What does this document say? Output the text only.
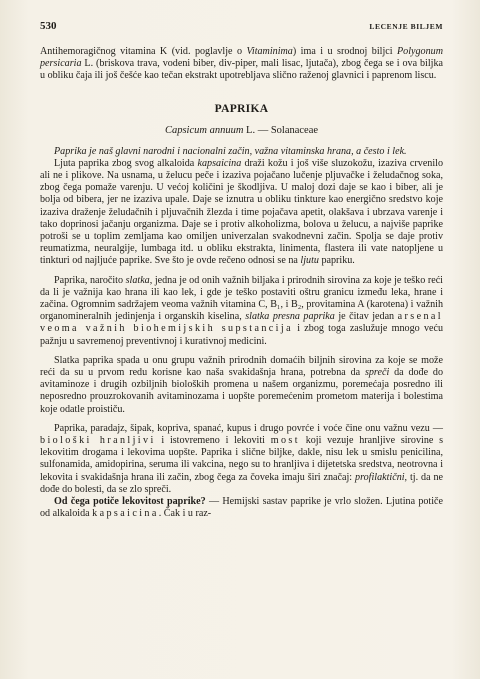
530	LECENJE BILJEM

Antihemoragičnog vitamina K (vid. poglavlje o Vitaminima) ima i u srodnoj biljci Polygonum persicaria L. (briskova trava, vodeni biber, div-piper, mali lisac, ljutača), zbog čega se i ova biljka u obliku čaja ili još češće kao tečan ekstrakt upotrebljava slično raženoj glavnici i paprenom liscu.

PAPRIKA
Capsicum annuum L. — Solanaceae

Paprika je naš glavni narodni i nacionalni začin, važna vitaminska hrana, a često i lek.

Ljuta paprika zbog svog alkaloida kapsaicina draži kožu i još više sluzokožu, izaziva crvenilo ali ne i plikove. Na usnama, u želucu peče i izaziva pojačano lučenje pljuvačke i želudačnog soka, zbog čega pomaže varenju. U većoj količini je škodljiva. U maloj dozi daje se kao i biber, ali je bolja od bibera, jer ne izaziva upale. Daje se iznutra u obliku tinkture kao energično sredstvo koje izaziva draženje želudačnih i pljuvačnih žlezda i time pojačava apetit, olakšava i ubrzava varenje i tako doprinosi jačanju organizma. Daje se i protiv alkoholizma, bolova u želucu, a najviše paprike potroši se u toplim zemljama kao omiljen univerzalan svakodnevni začin. Spolja se daje protiv reumatizma, neuralgije, lumbaga itd. u obliku ekstrakta, linimenta, flastera ili vate natopljene u tinkturi od najljuće paprike. Sve što je ovde rečeno odnosi se na ljutu papriku.

Paprika, naročito slatka, jedna je od onih važnih biljaka i prirodnih sirovina za koje je teško reći da li je važnija kao hrana ili kao lek, i gde je teško postaviti oštru granicu između leka, hrane i začina. Ogromnim sadržajem veoma važnih vitamina C, B₁, i B₂, provitamina A (karotena) i važnih organomineralnih jedinjenja i organskih kiselina, slatka presna paprika je čitav jedan arsenal veoma važnih biohemijskih supstancija i zbog toga zaslužuje mnogo veću pažnju u savremenoj preventivnoj i kurativnoj medicini.

Slatka paprika spada u onu grupu važnih prirodnih domaćih biljnih sirovina za koje se može reći da su u prvom redu korisne kao naša svakidašnja hrana, potrebna da spreči da dođe do avitaminoze i drugih ozbiljnih bioloških promena u našem organizmu, poremećaja posredno ili neposredno prouzrokovanih avitaminozama i uopšte poremećenim prometom materija i bolestima koje odatle proističu.

Paprika, paradajz, šipak, kopriva, spanać, kupus i drugo povrće i voće čine onu važnu vezu — biološki hranljivi i istovremeno i lekoviti most koji vezuje hranljive sirovine s lekovitim drogama i lekovima uopšte. Paprika i slične biljke, dakle, nisu lek u smislu penicilina, sulfonamida, amidopirina, seruma ili vakcina, nego su to hranljiva i dijetetska sredstva, neotrovna i lekovita i svakidašnja hrana ili začin, zbog čega za čoveka imaju širi značaj: profilaktični, tj. da ne dođe do bolesti, da se zlo spreči.

Od čega potiče lekovitost paprike? — Hemijski sastav paprike je vrlo složen. Ljutina potiče od alkaloida kapsaicina. Čak i u raz-
